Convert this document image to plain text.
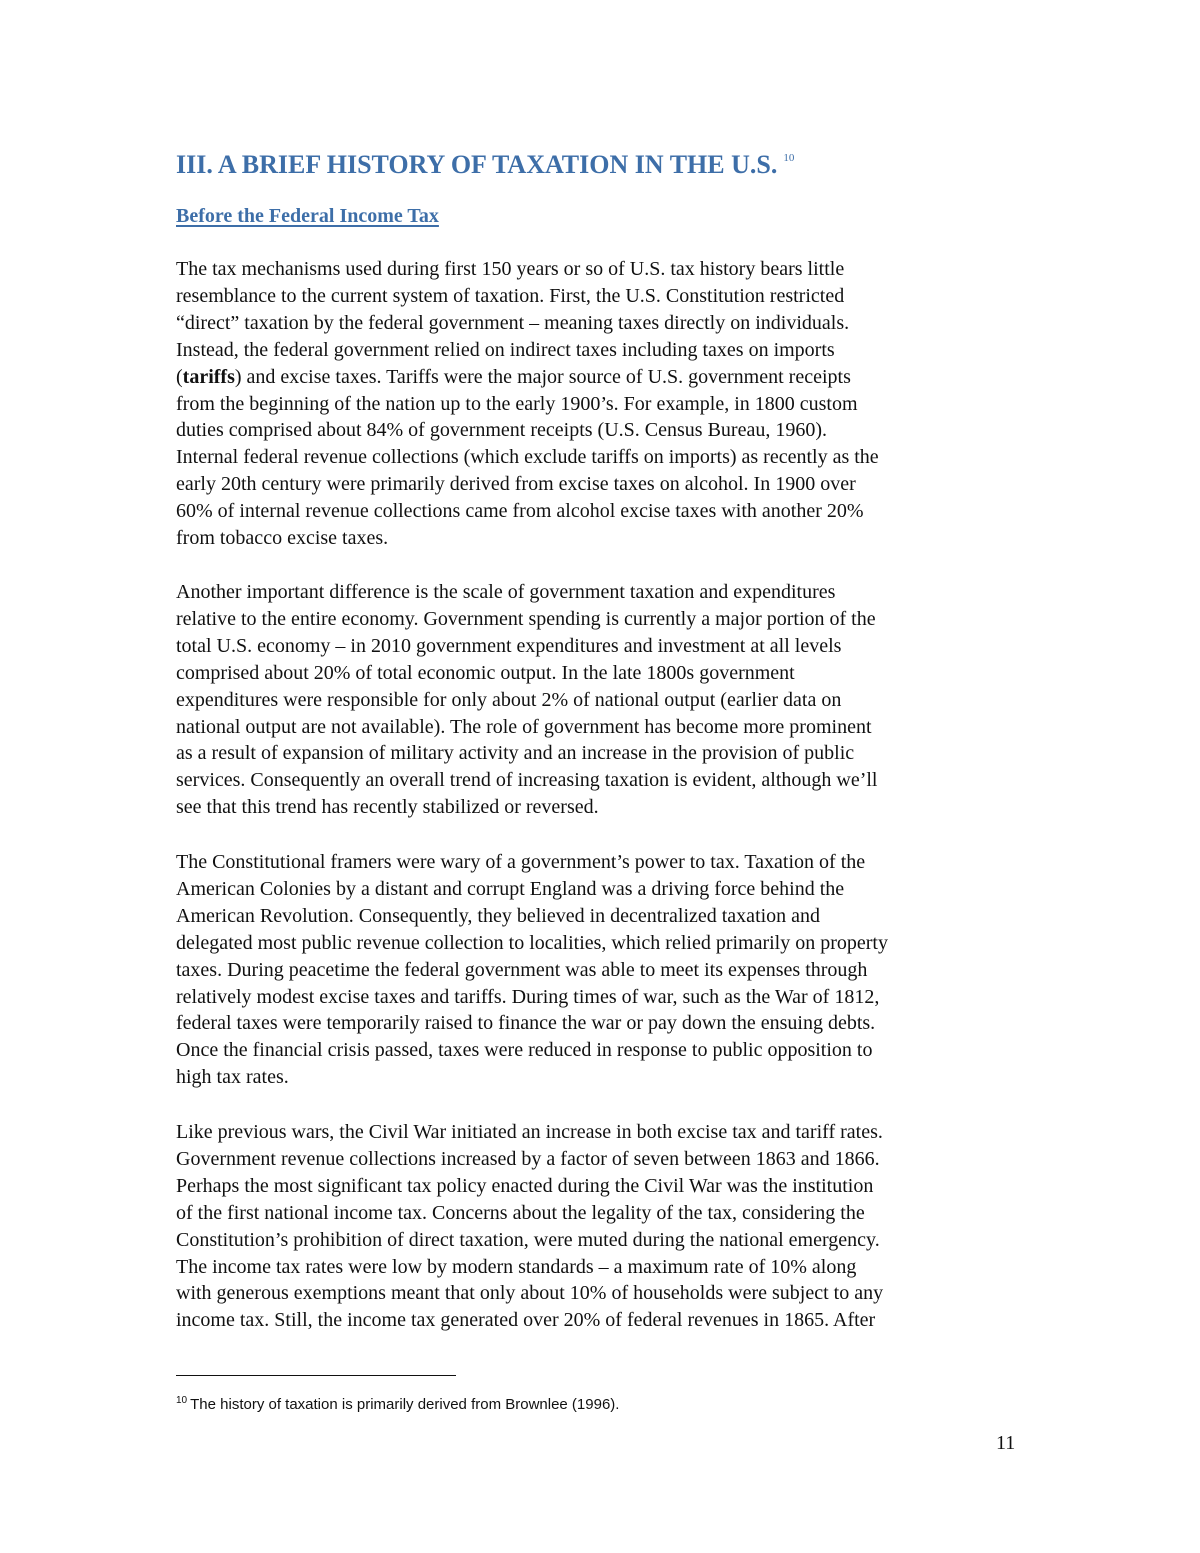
III. A BRIEF HISTORY OF TAXATION IN THE U.S. $^{10}$
Before the Federal Income Tax

The tax mechanisms used during first 150 years or so of U.S. tax history bears little
resemblance to the current system of taxation. First, the U.S. Constitution restricted
“direct” taxation by the federal government – meaning taxes directly on individuals.
Instead, the federal government relied on indirect taxes including taxes on imports
(tariffs) and excise taxes. Tariffs were the major source of U.S. government receipts
from the beginning of the nation up to the early 1900’s. For example, in 1800 custom
duties comprised about 84% of government receipts (U.S. Census Bureau, 1960).
Internal federal revenue collections (which exclude tariffs on imports) as recently as the
early 20th century were primarily derived from excise taxes on alcohol. In 1900 over
60% of internal revenue collections came from alcohol excise taxes with another 20%
from tobacco excise taxes.

Another important difference is the scale of government taxation and expenditures
relative to the entire economy. Government spending is currently a major portion of the
total U.S. economy – in 2010 government expenditures and investment at all levels
comprised about 20% of total economic output. In the late 1800s government
expenditures were responsible for only about 2% of national output (earlier data on
national output are not available). The role of government has become more prominent
as a result of expansion of military activity and an increase in the provision of public
services. Consequently an overall trend of increasing taxation is evident, although we’ll
see that this trend has recently stabilized or reversed.

The Constitutional framers were wary of a government’s power to tax. Taxation of the
American Colonies by a distant and corrupt England was a driving force behind the
American Revolution. Consequently, they believed in decentralized taxation and
delegated most public revenue collection to localities, which relied primarily on property
taxes. During peacetime the federal government was able to meet its expenses through
relatively modest excise taxes and tariffs. During times of war, such as the War of 1812,
federal taxes were temporarily raised to finance the war or pay down the ensuing debts.
Once the financial crisis passed, taxes were reduced in response to public opposition to
high tax rates.

Like previous wars, the Civil War initiated an increase in both excise tax and tariff rates.
Government revenue collections increased by a factor of seven between 1863 and 1866.
Perhaps the most significant tax policy enacted during the Civil War was the institution
of the first national income tax. Concerns about the legality of the tax, considering the
Constitution’s prohibition of direct taxation, were muted during the national emergency.
The income tax rates were low by modern standards – a maximum rate of 10% along
with generous exemptions meant that only about 10% of households were subject to any
income tax. Still, the income tax generated over 20% of federal revenues in 1865. After

$^{10}$ The history of taxation is primarily derived from Brownlee (1996).

11
